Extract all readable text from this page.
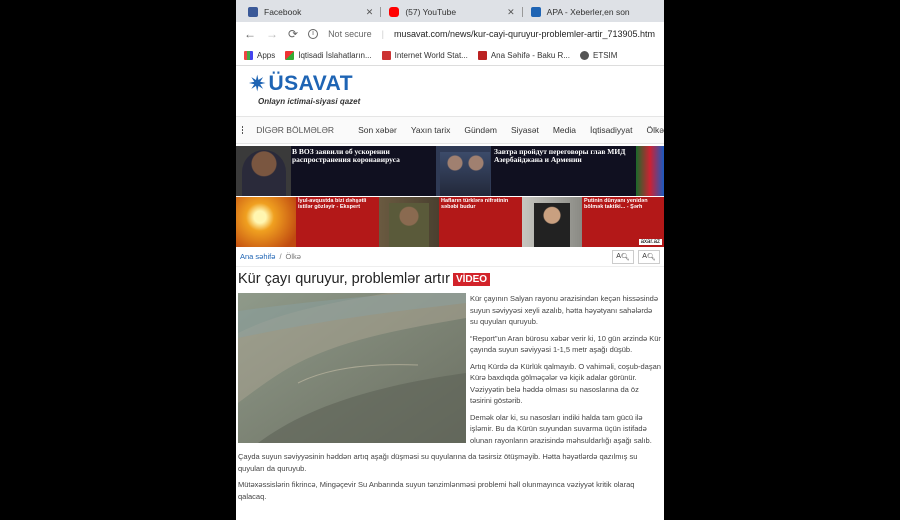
Facebook	✕	(57) YouTube	✕	APA - Xeberler,en son
← → ⟳	i	Not secure | musavat.com/news/kur-cayi-quruyur-problemler-artir_713905.htm
Apps	İqtisadi İslahatların...	Internet World Stat...	Ana Səhifə - Baku R...	ETSIM
✷ ÜSAVAT
Onlayn ictimai-siyasi qazet
DİGƏR BÖLMƏLƏR	Son xəbər Yaxın tarix Gündəm Siyasət Media İqtisadiyyat Ölkə
В ВОЗ заявили об ускорении распространения коронавируса
Завтра пройдут переговоры глав МИД Азербайджана и Армении
İyul-avqustda bizi dəhşətli istilər gözləyir - Ekspert
Hafların türklərə nifrətinin səbəbi budur
Putinin dünyanı yenidən bölmək taktiki... - Şərh
axar.az
Ana səhifə / Ölkə	A 🔍︎ A 🔍︎
Kür çayı quruyur, problemlər artır VİDEO

Kür çayının Salyan rayonu ərazisindən keçən hissəsində suyun səviyyəsi xeyli azalıb, hətta həyətyanı sahələrdə su quyuları quruyub.

“Report”un Aran bürosu xəbər verir ki, 10 gün ərzində Kür çayında suyun səviyyəsi 1-1,5 metr aşağı düşüb.

Artıq Kürdə də Kürlük qalmayıb. O vahiməli, coşub-daşan Kürə baxdıqda gölməçələr və kiçik adalar görünür. Vəziyyətin belə həddə olması su nasoslarına da öz təsirini göstərib.

Demək olar ki, su nasosları indiki halda tam gücü ilə işləmir. Bu da Kürün suyundan suvarma üçün istifadə olunan rayonların ərazisində məhsuldarlığı aşağı salıb.

Çayda suyun səviyyəsinin həddən artıq aşağı düşməsi su quyularına da təsirsiz ötüşməyib. Hətta həyətlərdə qazılmış su quyuları da quruyub.

Mütəxəssislərin fikrincə, Mingəçevir Su Anbarında suyun tənzimlənməsi problemi həll olunmayınca vəziyyət kritik olaraq qalacaq.
